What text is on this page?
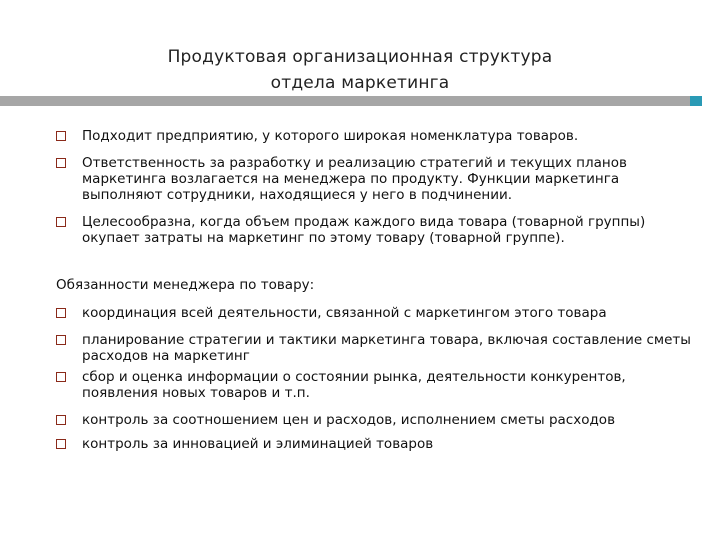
Продуктовая организационная структура
отдела маркетинга
Подходит предприятию, у которого широкая номенклатура товаров.
Ответственность за разработку и реализацию стратегий и текущих планов маркетинга возлагается на менеджера по продукту. Функции маркетинга выполняют сотрудники, находящиеся у него в подчинении.
Целесообразна, когда объем продаж каждого вида товара (товарной группы) окупает затраты на маркетинг по этому товару (товарной группе).
Обязанности менеджера по товару:
координация всей деятельности, связанной с маркетингом этого товара
планирование стратегии и тактики маркетинга товара, включая составление сметы расходов на маркетинг
сбор и оценка информации о состоянии рынка, деятельности конкурентов, появления новых товаров и т.п.
контроль за соотношением цен и расходов, исполнением сметы расходов
контроль за инновацией и элиминацией товаров
